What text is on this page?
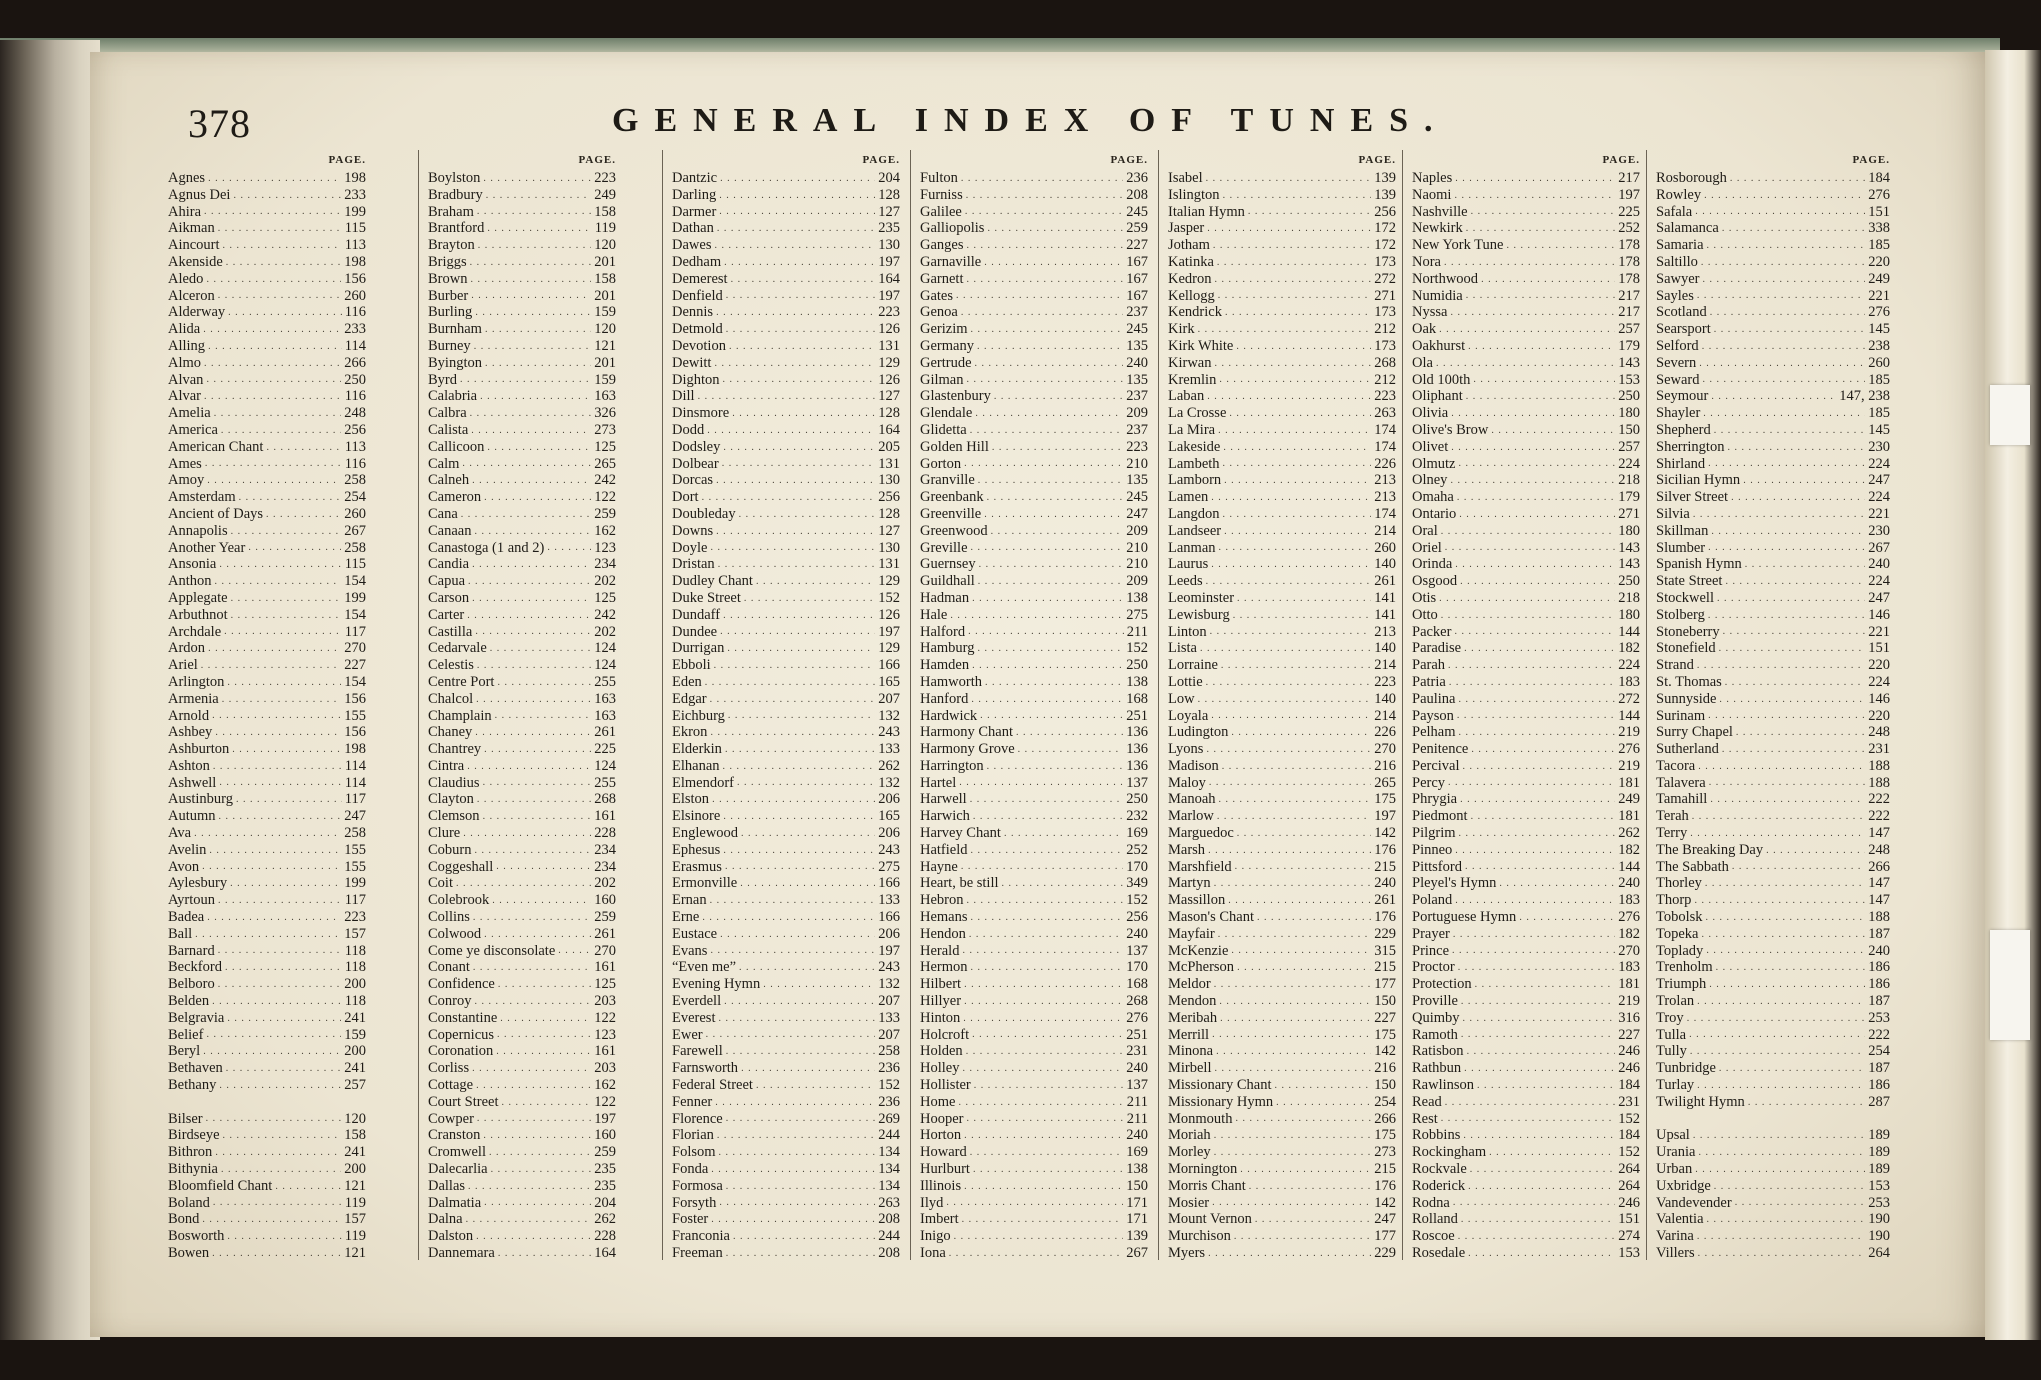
378	GENERAL INDEX OF TUNES.
PAGE.
Agnes . . .	198
Agnus Dei . . .	233
Ahira . . .	199
Aikman . . .	115
Aincourt . . .	113
Akenside . . .	198
Aledo . . .	156
Alceron . . .	260
Alderway . . .	116
Alida . . .	233
Alling . . .	114
Almo . . .	266
Alvan . . .	250
Alvar . . .	116
Amelia . . .	248
America . . .	256
American Chant . . .	113
Ames . . .	116
Amoy . . .	258
Amsterdam . . .	254
Ancient of Days . . .	260
Annapolis . . .	267
Another Year . . .	258
Ansonia . . .	115
Anthon . . .	154
Applegate . . .	199
Arbuthnot . . .	154
Archdale . . .	117
Ardon . . .	270
Ariel . . .	227
Arlington . . .	154
Armenia . . .	156
Arnold . . .	155
Ashbey . . .	156
Ashburton . . .	198
Ashton . . .	114
Ashwell . . .	114
Austinburg . . .	117
Autumn . . .	247
Ava . . .	258
Avelin . . .	155
Avon . . .	155
Aylesbury . . .	199
Ayrtoun . . .	117
Badea . . .	223
Ball . . .	157
Barnard . . .	118
Beckford . . .	118
Belboro . . .	200
Belden . . .	118
Belgravia . . .	241
Belief . . .	159
Beryl . . .	200
Bethaven . . .	241
Bethany . . .	257
Bilser . . .	120
Birdseye . . .	158
Bithron . . .	241
Bithynia . . .	200
Bloomfield Chant . . .	121
Boland . . .	119
Bond . . .	157
Bosworth . . .	119
Bowen . . .	121
PAGE.
Boylston . . .	223
Bradbury . . .	249
Braham . . .	158
Brantford . . .	119
Brayton . . .	120
Briggs . . .	201
Brown . . .	158
Burber . . .	201
Burling . . .	159
Burnham . . .	120
Burney . . .	121
Byington . . .	201
Byrd . . .	159
Calabria . . .	163
Calbra . . .	326
Calista . . .	273
Callicoon . . .	125
Calm . . .	265
Calneh . . .	242
Cameron . . .	122
Cana . . .	259
Canaan . . .	162
Canastoga (1 and 2) . . .	123
Candia . . .	234
Capua . . .	202
Carson . . .	125
Carter . . .	242
Castilla . . .	202
Cedarvale . . .	124
Celestis . . .	124
Centre Port . . .	255
Chalcol . . .	163
Champlain . . .	163
Chaney . . .	261
Chantrey . . .	225
Cintra . . .	124
Claudius . . .	255
Clayton . . .	268
Clemson . . .	161
Clure . . .	228
Coburn . . .	234
Coggeshall . . .	234
Coit . . .	202
Colebrook . . .	160
Collins . . .	259
Colwood . . .	261
Come ye disconsolate . . .	270
Conant . . .	161
Confidence . . .	125
Conroy . . .	203
Constantine . . .	122
Copernicus . . .	123
Coronation . . .	161
Corliss . . .	203
Cottage . . .	162
Court Street . . .	122
Cowper . . .	197
Cranston . . .	160
Cromwell . . .	259
Dalecarlia . . .	235
Dallas . . .	235
Dalmatia . . .	204
Dalna . . .	262
Dalston . . .	228
Dannemara . . .	164
PAGE.
Dantzic . . .	204
Darling . . .	128
Darmer . . .	127
Dathan . . .	235
Dawes . . .	130
Dedham . . .	197
Demerest . . .	164
Denfield . . .	197
Dennis . . .	223
Detmold . . .	126
Devotion . . .	131
Dewitt . . .	129
Dighton . . .	126
Dill . . .	127
Dinsmore . . .	128
Dodd . . .	164
Dodsley . . .	205
Dolbear . . .	131
Dorcas . . .	130
Dort . . .	256
Doubleday . . .	128
Downs . . .	127
Doyle . . .	130
Dristan . . .	131
Dudley Chant . . .	129
Duke Street . . .	152
Dundaff . . .	126
Dundee . . .	197
Durrigan . . .	129
Ebboli . . .	166
Eden . . .	165
Edgar . . .	207
Eichburg . . .	132
Ekron . . .	243
Elderkin . . .	133
Elhanan . . .	262
Elmendorf . . .	132
Elston . . .	206
Elsinore . . .	165
Englewood . . .	206
Ephesus . . .	243
Erasmus . . .	275
Ermonville . . .	166
Ernan . . .	133
Erne . . .	166
Eustace . . .	206
Evans . . .	197
“Even me” . . .	243
Evening Hymn . . .	132
Everdell . . .	207
Everest . . .	133
Ewer . . .	207
Farewell . . .	258
Farnsworth . . .	236
Federal Street . . .	152
Fenner . . .	236
Florence . . .	269
Florian . . .	244
Folsom . . .	134
Fonda . . .	134
Formosa . . .	134
Forsyth . . .	263
Foster . . .	208
Franconia . . .	244
Freeman . . .	208
PAGE.
Fulton . . .	236
Furniss . . .	208
Galilee . . .	245
Galliopolis . . .	259
Ganges . . .	227
Garnaville . . .	167
Garnett . . .	167
Gates . . .	167
Genoa . . .	237
Gerizim . . .	245
Germany . . .	135
Gertrude . . .	240
Gilman . . .	135
Glastenbury . . .	237
Glendale . . .	209
Glidetta . . .	237
Golden Hill . . .	223
Gorton . . .	210
Granville . . .	135
Greenbank . . .	245
Greenville . . .	247
Greenwood . . .	209
Greville . . .	210
Guernsey . . .	210
Guildhall . . .	209
Hadman . . .	138
Hale . . .	275
Halford . . .	211
Hamburg . . .	152
Hamden . . .	250
Hamworth . . .	138
Hanford . . .	168
Hardwick . . .	251
Harmony Chant . . .	136
Harmony Grove . . .	136
Harrington . . .	136
Hartel . . .	137
Harwell . . .	250
Harwich . . .	232
Harvey Chant . . .	169
Hatfield . . .	252
Hayne . . .	170
Heart, be still . . .	349
Hebron . . .	152
Hemans . . .	256
Hendon . . .	240
Herald . . .	137
Hermon . . .	170
Hilbert . . .	168
Hillyer . . .	268
Hinton . . .	276
Holcroft . . .	251
Holden . . .	231
Holley . . .	240
Hollister . . .	137
Home . . .	211
Hooper . . .	211
Horton . . .	240
Howard . . .	169
Hurlburt . . .	138
Illinois . . .	150
Ilyd . . .	171
Imbert . . .	171
Inigo . . .	139
Iona . . .	267
PAGE.
Isabel . . .	139
Islington . . .	139
Italian Hymn . . .	256
Jasper . . .	172
Jotham . . .	172
Katinka . . .	173
Kedron . . .	272
Kellogg . . .	271
Kendrick . . .	173
Kirk . . .	212
Kirk White . . .	173
Kirwan . . .	268
Kremlin . . .	212
Laban . . .	223
La Crosse . . .	263
La Mira . . .	174
Lakeside . . .	174
Lambeth . . .	226
Lamborn . . .	213
Lamen . . .	213
Langdon . . .	174
Landseer . . .	214
Lanman . . .	260
Laurus . . .	140
Leeds . . .	261
Leominster . . .	141
Lewisburg . . .	141
Linton . . .	213
Lista . . .	140
Lorraine . . .	214
Lottie . . .	223
Low . . .	140
Loyala . . .	214
Ludington . . .	226
Lyons . . .	270
Madison . . .	216
Maloy . . .	265
Manoah . . .	175
Marlow . . .	197
Marguedoc . . .	142
Marsh . . .	176
Marshfield . . .	215
Martyn . . .	240
Massillon . . .	261
Mason's Chant . . .	176
Mayfair . . .	229
McKenzie . . .	315
McPherson . . .	215
Meldor . . .	177
Mendon . . .	150
Meribah . . .	227
Merrill . . .	175
Minona . . .	142
Mirbell . . .	216
Missionary Chant . . .	150
Missionary Hymn . . .	254
Monmouth . . .	266
Moriah . . .	175
Morley . . .	273
Mornington . . .	215
Morris Chant . . .	176
Mosier . . .	142
Mount Vernon . . .	247
Murchison . . .	177
Myers . . .	229
PAGE.
Naples . . .	217
Naomi . . .	197
Nashville . . .	225
Newkirk . . .	252
New York Tune . . .	178
Nora . . .	178
Northwood . . .	178
Numidia . . .	217
Nyssa . . .	217
Oak . . .	257
Oakhurst . . .	179
Ola . . .	143
Old 100th . . .	153
Oliphant . . .	250
Olivia . . .	180
Olive's Brow . . .	150
Olivet . . .	257
Olmutz . . .	224
Olney . . .	218
Omaha . . .	179
Ontario . . .	271
Oral . . .	180
Oriel . . .	143
Orinda . . .	143
Osgood . . .	250
Otis . . .	218
Otto . . .	180
Packer . . .	144
Paradise . . .	182
Parah . . .	224
Patria . . .	183
Paulina . . .	272
Payson . . .	144
Pelham . . .	219
Penitence . . .	276
Percival . . .	219
Percy . . .	181
Phrygia . . .	249
Piedmont . . .	181
Pilgrim . . .	262
Pinneo . . .	182
Pittsford . . .	144
Pleyel's Hymn . . .	240
Poland . . .	183
Portuguese Hymn . . .	276
Prayer . . .	182
Prince . . .	270
Proctor . . .	183
Protection . . .	181
Proville . . .	219
Quimby . . .	316
Ramoth . . .	227
Ratisbon . . .	246
Rathbun . . .	246
Rawlinson . . .	184
Read . . .	231
Rest . . .	152
Robbins . . .	184
Rockingham . . .	152
Rockvale . . .	264
Roderick . . .	264
Rodna . . .	246
Rolland . . .	151
Roscoe . . .	274
Rosedale . . .	153
PAGE.
Rosborough . . .	184
Rowley . . .	276
Safala . . .	151
Salamanca . . .	338
Samaria . . .	185
Saltillo . . .	220
Sawyer . . .	249
Sayles . . .	221
Scotland . . .	276
Searsport . . .	145
Selford . . .	238
Severn . . .	260
Seward . . .	185
Seymour . . .	147, 238
Shayler . . .	185
Shepherd . . .	145
Sherrington . . .	230
Shirland . . .	224
Sicilian Hymn . . .	247
Silver Street . . .	224
Silvia . . .	221
Skillman . . .	230
Slumber . . .	267
Spanish Hymn . . .	240
State Street . . .	224
Stockwell . . .	247
Stolberg . . .	146
Stoneberry . . .	221
Stonefield . . .	151
Strand . . .	220
St. Thomas . . .	224
Sunnyside . . .	146
Surinam . . .	220
Surry Chapel . . .	248
Sutherland . . .	231
Tacora . . .	188
Talavera . . .	188
Tamahill . . .	222
Terah . . .	222
Terry . . .	147
The Breaking Day . . .	248
The Sabbath . . .	266
Thorley . . .	147
Thorp . . .	147
Tobolsk . . .	188
Topeka . . .	187
Toplady . . .	240
Trenholm . . .	186
Triumph . . .	186
Trolan . . .	187
Troy . . .	253
Tulla . . .	222
Tully . . .	254
Tunbridge . . .	187
Turlay . . .	186
Twilight Hymn . . .	287
Upsal . . .	189
Urania . . .	189
Urban . . .	189
Uxbridge . . .	153
Vandevender . . .	253
Valentia . . .	190
Varina . . .	190
Villers . . .	264
